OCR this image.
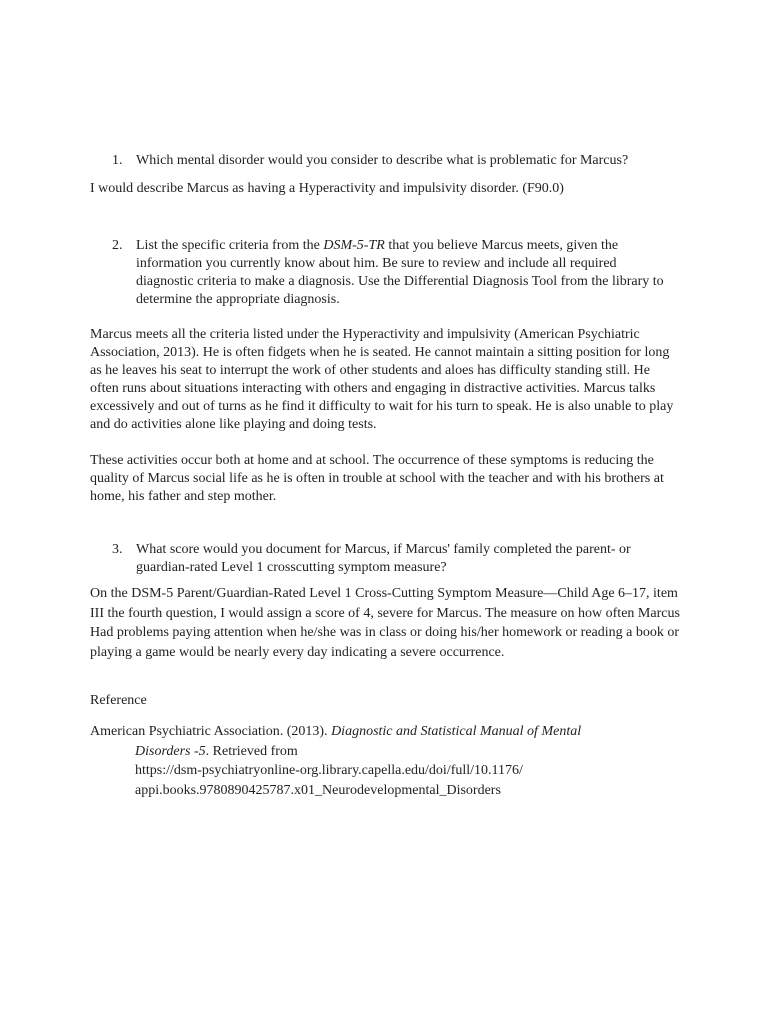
1. Which mental disorder would you consider to describe what is problematic for Marcus?
I would describe Marcus as having a Hyperactivity and impulsivity disorder. (F90.0)
2. List the specific criteria from the DSM-5-TR that you believe Marcus meets, given the information you currently know about him. Be sure to review and include all required diagnostic criteria to make a diagnosis. Use the Differential Diagnosis Tool from the library to determine the appropriate diagnosis.
Marcus meets all the criteria listed under the Hyperactivity and impulsivity (American Psychiatric Association, 2013). He is often fidgets when he is seated. He cannot maintain a sitting position for long as he leaves his seat to interrupt the work of other students and aloes has difficulty standing still. He often runs about situations interacting with others and engaging in distractive activities. Marcus talks excessively and out of turns as he find it difficulty to wait for his turn to speak. He is also unable to play and do activities alone like playing and doing tests.
These activities occur both at home and at school. The occurrence of these symptoms is reducing the quality of Marcus social life as he is often in trouble at school with the teacher and with his brothers at home, his father and step mother.
3. What score would you document for Marcus, if Marcus' family completed the parent- or guardian-rated Level 1 crosscutting symptom measure?
On the DSM-5 Parent/Guardian-Rated Level 1 Cross-Cutting Symptom Measure—Child Age 6–17, item III the fourth question, I would assign a score of 4, severe for Marcus. The measure on how often Marcus Had problems paying attention when he/she was in class or doing his/her homework or reading a book or playing a game would be nearly every day indicating a severe occurrence.
Reference
American Psychiatric Association. (2013). Diagnostic and Statistical Manual of Mental
Disorders -5. Retrieved from
https://dsm-psychiatryonline-org.library.capella.edu/doi/full/10.1176/
appi.books.9780890425787.x01_Neurodevelopmental_Disorders
